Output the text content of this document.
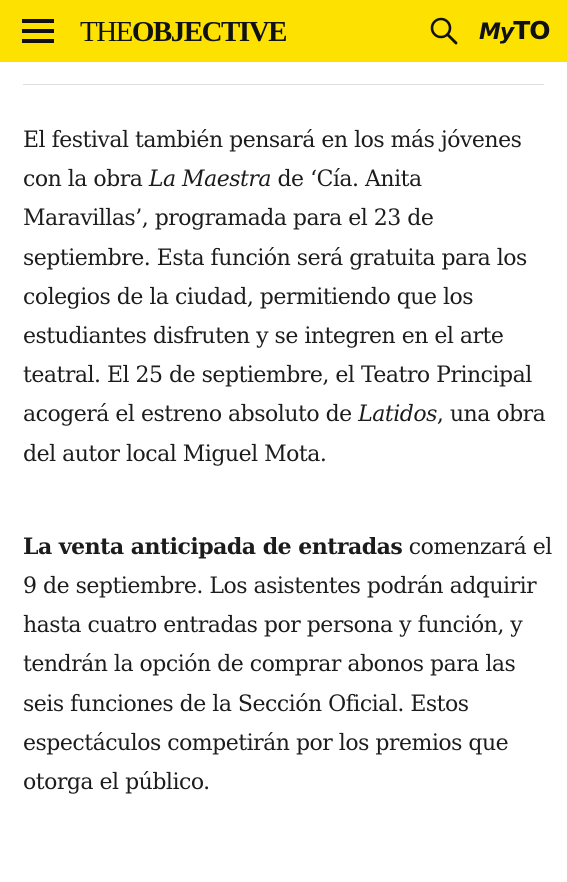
THEOBJECTIVE	MyTO

El festival también pensará en los más jóvenes con la obra La Maestra de ‘Cía. Anita Maravillas’, programada para el 23 de septiembre. Esta función será gratuita para los colegios de la ciudad, permitiendo que los estudiantes disfruten y se integren en el arte teatral. El 25 de septiembre, el Teatro Principal acogerá el estreno absoluto de Latidos, una obra del autor local Miguel Mota.

La venta anticipada de entradas comenzará el 9 de septiembre. Los asistentes podrán adquirir hasta cuatro entradas por persona y función, y tendrán la opción de comprar abonos para las seis funciones de la Sección Oficial. Estos espectáculos competirán por los premios que otorga el público.
